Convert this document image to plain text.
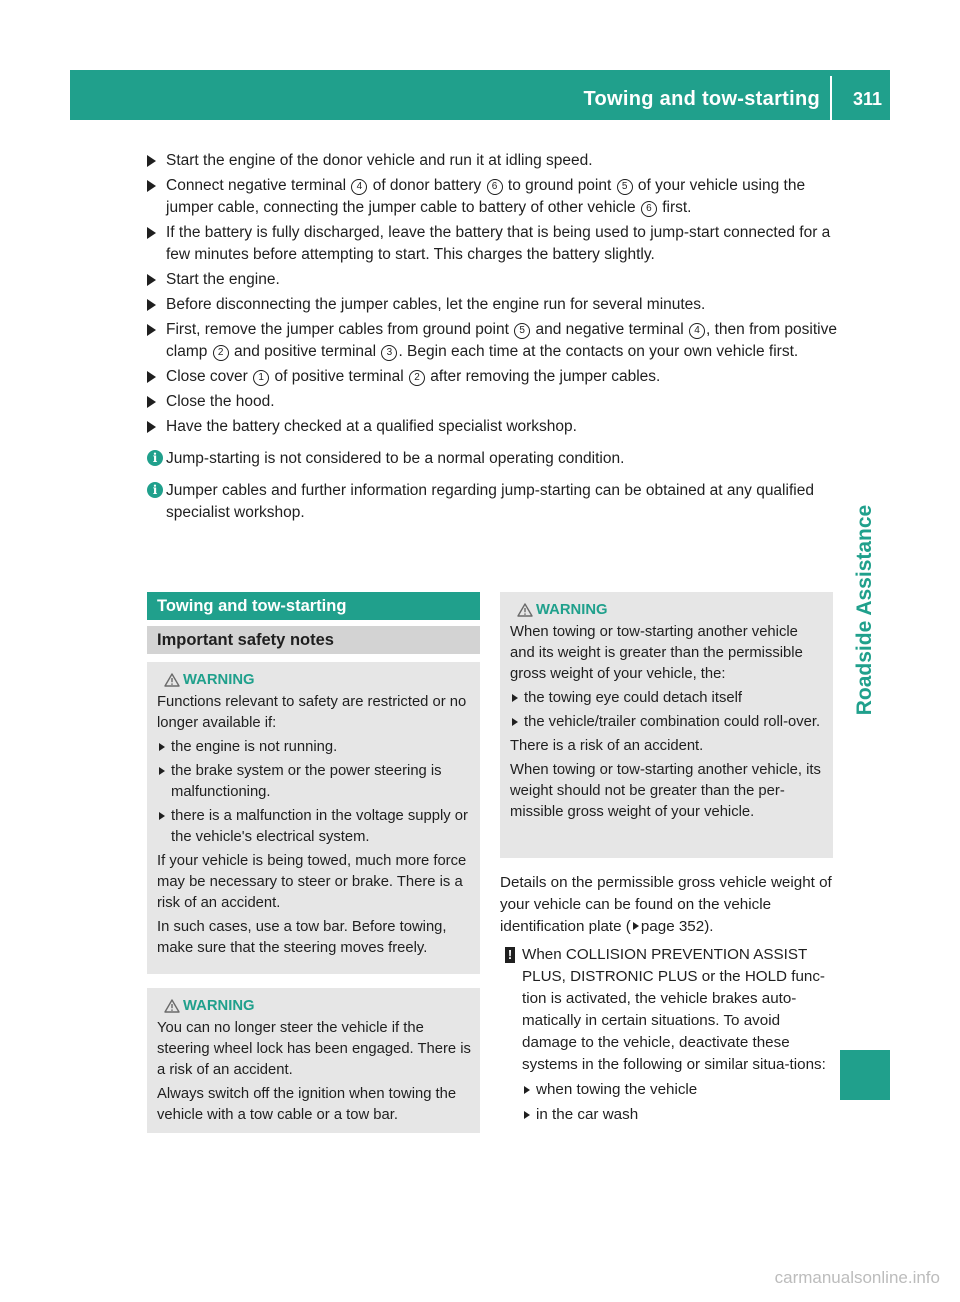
Towing and tow-starting 311
Roadside Assistance
Start the engine of the donor vehicle and run it at idling speed.
Connect negative terminal 4 of donor battery 6 to ground point 5 of your vehicle using the jumper cable, connecting the jumper cable to battery of other vehicle 6 first.
If the battery is fully discharged, leave the battery that is being used to jump-start connected for a few minutes before attempting to start. This charges the battery slightly.
Start the engine.
Before disconnecting the jumper cables, let the engine run for several minutes.
First, remove the jumper cables from ground point 5 and negative terminal 4 , then from positive clamp 2 and positive terminal 3 . Begin each time at the contacts on your own vehicle first.
Close cover 1 of positive terminal 2 after removing the jumper cables.
Close the hood.
Have the battery checked at a qualified specialist workshop.
i Jump-starting is not considered to be a normal operating condition.
i Jumper cables and further information regarding jump-starting can be obtained at any qualified specialist workshop.
Towing and tow-starting
Important safety notes
WARNING

Functions relevant to safety are restricted or no longer available if:

the engine is not running.
the brake system or the power steering is malfunctioning.
there is a malfunction in the voltage supply or the vehicle's electrical system.

If your vehicle is being towed, much more force may be necessary to steer or brake. There is a risk of an accident.

In such cases, use a tow bar. Before towing, make sure that the steering moves freely.

WARNING

You can no longer steer the vehicle if the steering wheel lock has been engaged. There is a risk of an accident.

Always switch off the ignition when towing the vehicle with a tow cable or a tow bar.

WARNING

When towing or tow-starting another vehicle and its weight is greater than the permissible gross weight of your vehicle, the:

the towing eye could detach itself
the vehicle/trailer combination could roll-over.

There is a risk of an accident.

When towing or tow-starting another vehicle, its weight should not be greater than the per-missible gross weight of your vehicle.

Details on the permissible gross vehicle weight of your vehicle can be found on the vehicle identification plate ( page 352).

! When COLLISION PREVENTION ASSIST PLUS, DISTRONIC PLUS or the HOLD func-tion is activated, the vehicle brakes auto-matically in certain situations. To avoid damage to the vehicle, deactivate these systems in the following or similar situa-tions:
when towing the vehicle
in the car wash
carmanualsonline.info
